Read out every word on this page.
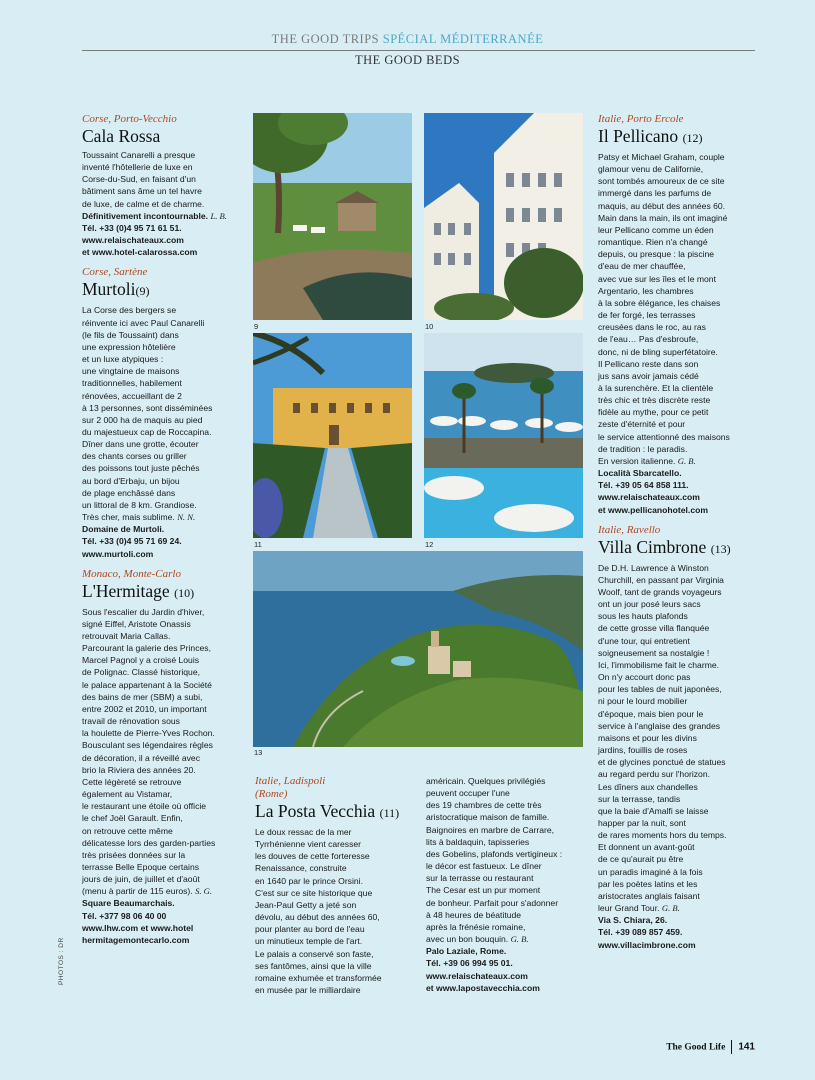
THE GOOD TRIPS SPÉCIAL MÉDITERRANÉE
THE GOOD BEDS
Corse, Porto-Vecchio
Cala Rossa
Toussaint Canarelli a presque
inventé l'hôtellerie de luxe en
Corse-du-Sud, en faisant d'un
bâtiment sans âme un tel havre
de luxe, de calme et de charme.
Définitivement incontournable. L. B.
Tél. +33 (0)4 95 71 61 51.
www.relaischateaux.com
et www.hotel-calarossa.com
Corse, Sartène
Murtoli(9)
La Corse des bergers se
réinvente ici avec Paul Canarelli
(le fils de Toussaint) dans
une expression hôtelière
et un luxe atypiques :
une vingtaine de maisons
traditionnelles, habilement
rénovées, accueillant de 2
à 13 personnes, sont disséminées
sur 2 000 ha de maquis au pied
du majestueux cap de Roccapina.
Dîner dans une grotte, écouter
des chants corses ou griller
des poissons tout juste pêchés
au bord d'Erbaju, un bijou
de plage enchâssé dans
un littoral de 8 km. Grandiose.
Très cher, mais sublime. N. N.
Domaine de Murtoli.
Tél. +33 (0)4 95 71 69 24.
www.murtoli.com
Monaco, Monte-Carlo
L'Hermitage (10)
Sous l'escalier du Jardin d'hiver,
signé Eiffel, Aristote Onassis
retrouvait Maria Callas.
Parcourant la galerie des Princes,
Marcel Pagnol y a croisé Louis
de Polignac. Classé historique,
le palace appartenant à la Société
des bains de mer (SBM) a subi,
entre 2002 et 2010, un important
travail de rénovation sous
la houlette de Pierre-Yves Rochon.
Bousculant ses légendaires règles
de décoration, il a réveillé avec
brio la Riviera des années 20.
Cette légèreté se retrouve
également au Vistamar,
le restaurant une étoile où officie
le chef Joël Garault. Enfin,
on retrouve cette même
délicatesse lors des garden-parties
très prisées données sur la
terrasse Belle Epoque certains
jours de juin, de juillet et d'août
(menu à partir de 115 euros). S. G.
Square Beaumarchais.
Tél. +377 98 06 40 00
www.lhw.com et www.hotel
hermitagemontecarlo.com
9	10
11	12
13
Italie, Porto Ercole
Il Pellicano (12)
Patsy et Michael Graham, couple
glamour venu de Californie,
sont tombés amoureux de ce site
immergé dans les parfums de
maquis, au début des années 60.
Main dans la main, ils ont imaginé
leur Pellicano comme un éden
romantique. Rien n'a changé
depuis, ou presque : la piscine
d'eau de mer chauffée,
avec vue sur les îles et le mont
Argentario, les chambres
à la sobre élégance, les chaises
de fer forgé, les terrasses
creusées dans le roc, au ras
de l'eau… Pas d'esbroufe,
donc, ni de bling superfétatoire.
Il Pellicano reste dans son
jus sans avoir jamais cédé
à la surenchère. Et la clientèle
très chic et très discrète reste
fidèle au mythe, pour ce petit
zeste d'éternité et pour
le service attentionné des maisons
de tradition : le paradis.
En version italienne. G. B.
Località Sbarcatello.
Tél. +39 05 64 858 111.
www.relaischateaux.com
et www.pellicanohotel.com
Italie, Ravello
Villa Cimbrone (13)
De D.H. Lawrence à Winston
Churchill, en passant par Virginia
Woolf, tant de grands voyageurs
ont un jour posé leurs sacs
sous les hauts plafonds
de cette grosse villa flanquée
d'une tour, qui entretient
soigneusement sa nostalgie !
Ici, l'immobilisme fait le charme.
On n'y accourt donc pas
pour les tables de nuit japonées,
ni pour le lourd mobilier
d'époque, mais bien pour le
service à l'anglaise des grandes
maisons et pour les divins
jardins, fouillis de roses
et de glycines ponctué de statues
au regard perdu sur l'horizon.
Les dîners aux chandelles
sur la terrasse, tandis
que la baie d'Amalfi se laisse
happer par la nuit, sont
de rares moments hors du temps.
Et donnent un avant-goût
de ce qu'aurait pu être
un paradis imaginé à la fois
par les poètes latins et les
aristocrates anglais faisant
leur Grand Tour. G. B.
Via S. Chiara, 26.
Tél. +39 089 857 459.
www.villacimbrone.com
Italie, Ladispoli
(Rome)
La Posta Vecchia (11)
Le doux ressac de la mer
Tyrrhénienne vient caresser
les douves de cette forteresse
Renaissance, construite
en 1640 par le prince Orsini.
C'est sur ce site historique que
Jean-Paul Getty a jeté son
dévolu, au début des années 60,
pour planter au bord de l'eau
un minutieux temple de l'art.
Le palais a conservé son faste,
ses fantômes, ainsi que la ville
romaine exhumée et transformée
en musée par le milliardaire
américain. Quelques privilégiés
peuvent occuper l'une
des 19 chambres de cette très
aristocratique maison de famille.
Baignoires en marbre de Carrare,
lits à baldaquin, tapisseries
des Gobelins, plafonds vertigineux :
le décor est fastueux. Le dîner
sur la terrasse ou restaurant
The Cesar est un pur moment
de bonheur. Parfait pour s'adonner
à 48 heures de béatitude
après la frénésie romaine,
avec un bon bouquin. G. B.
Palo Laziale, Rome.
Tél. +39 06 994 95 01.
www.relaischateaux.com
et www.lapostavecchia.com
PHOTOS : DR
The Good Life 141
